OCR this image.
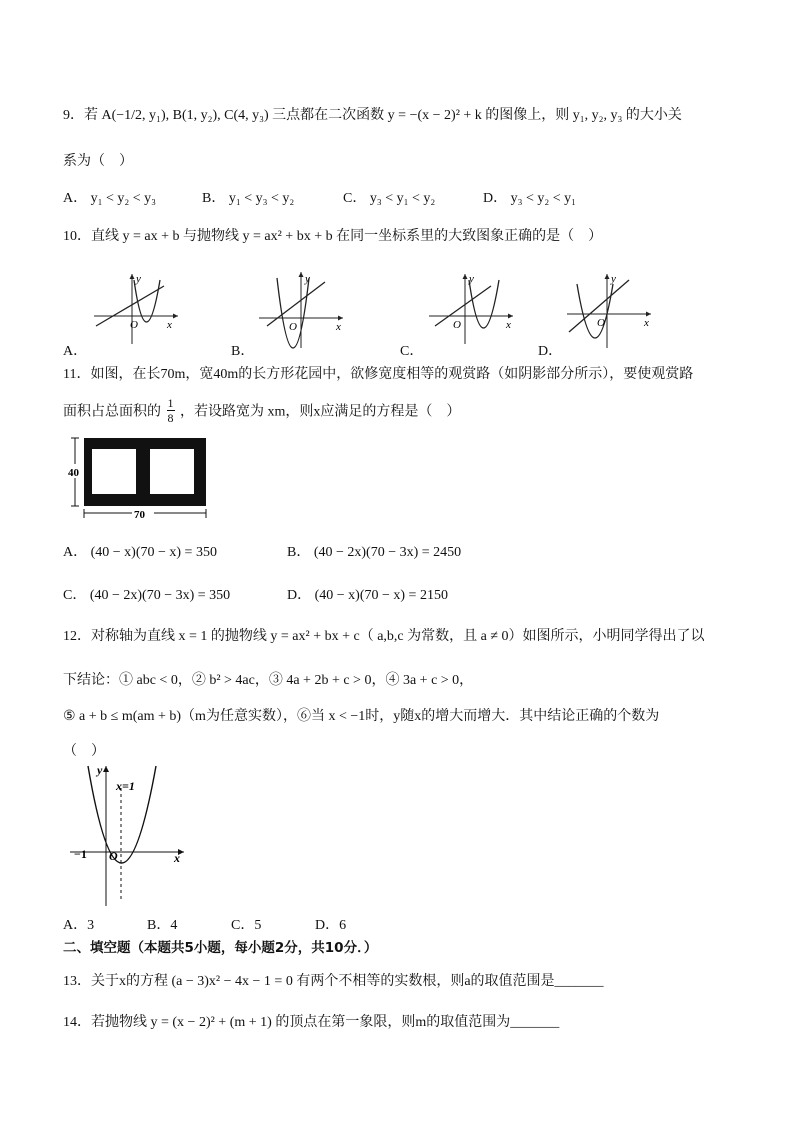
9．若 A(−1/2, y₁), B(1, y₂), C(4, y₃) 三点都在二次函数 y = −(x − 2)² + k 的图像上，则 y₁, y₂, y₃ 的大小关
系为（　）
A． y₁ < y₂ < y₃	B． y₁ < y₃ < y₂	C． y₃ < y₁ < y₂	D． y₃ < y₂ < y₁
10．直线 y = ax + b 与抛物线 y = ax² + bx + b 在同一坐标系里的大致图象正确的是（　）
y
x
O
A．
y
x
O
B．
y
x
O
C．
y
x
O
D．
11．如图，在长70m，宽40m的长方形花园中，欲修宽度相等的观赏路（如阴影部分所示），要使观赏路
面积占总面积的 $\frac{1}{8}$ ，若设路宽为 xm，则x应满足的方程是（　）
40
70
A． (40 − x)(70 − x) = 350	B． (40 − 2x)(70 − 3x) = 2450
C． (40 − 2x)(70 − 3x) = 350	D． (40 − x)(70 − x) = 2150
12．对称轴为直线 x = 1 的抛物线 y = ax² + bx + c（ a,b,c 为常数，且 a ≠ 0）如图所示，小明同学得出了以
下结论：① abc < 0，② b² > 4ac，③ 4a + 2b + c > 0，④ 3a + c > 0，
⑤ a + b ≤ m(am + b)（m为任意实数），⑥当 x < −1时，y随x的增大而增大．其中结论正确的个数为
（　）
y
x
x=1
−1 O
A．3	B．4	C．5	D．6
二、填空题（本题共5小题，每小题2分，共10分．）
13．关于x的方程 (a − 3)x² − 4x − 1 = 0 有两个不相等的实数根，则a的取值范围是_______
14．若抛物线 y = (x − 2)² + (m + 1) 的顶点在第一象限，则m的取值范围为_______
